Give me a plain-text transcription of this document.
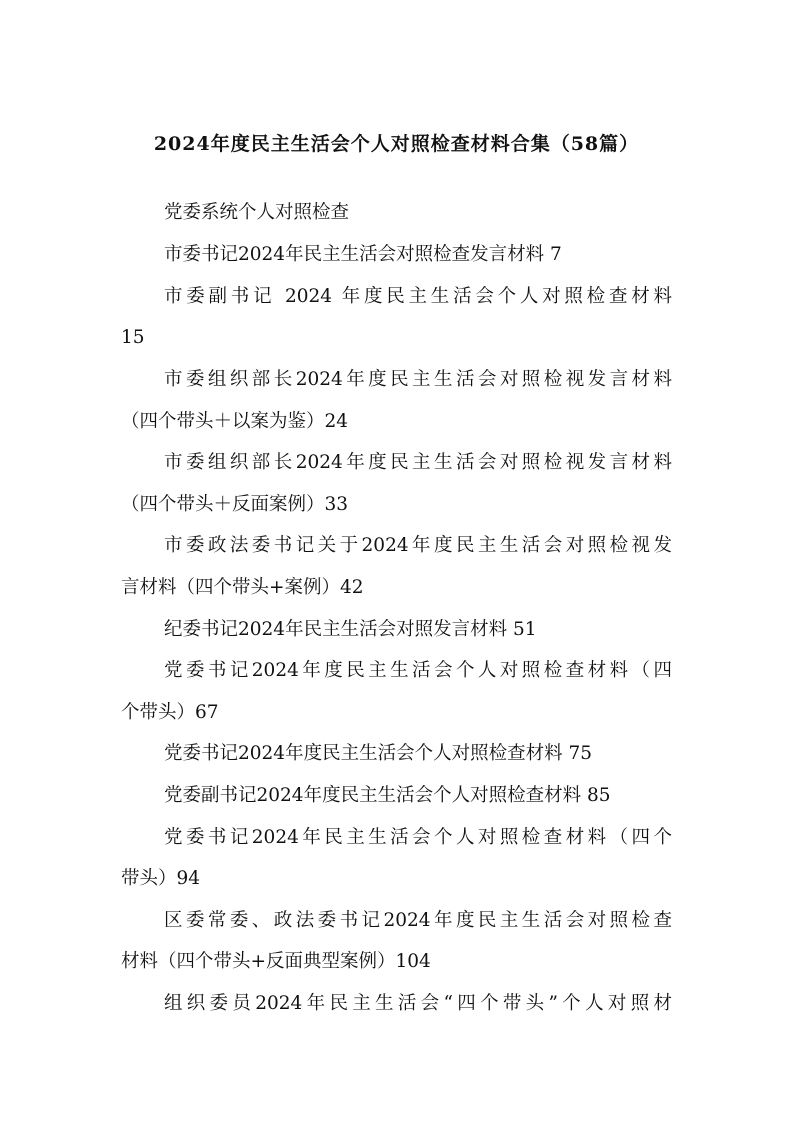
2024年度民主生活会个人对照检查材料合集（58篇）
党委系统个人对照检查
市委书记2024年民主生活会对照检查发言材料 7
市委副书记 2024 年度民主生活会个人对照检查材料
15
市委组织部长2024年度民主生活会对照检视发言材料
（四个带头＋以案为鉴）24
市委组织部长2024年度民主生活会对照检视发言材料
（四个带头＋反面案例）33
市委政法委书记关于2024年度民主生活会对照检视发
言材料（四个带头+案例）42
纪委书记2024年民主生活会对照发言材料 51
党委书记2024年度民主生活会个人对照检查材料（四
个带头）67
党委书记2024年度民主生活会个人对照检查材料 75
党委副书记2024年度民主生活会个人对照检查材料 85
党委书记2024年民主生活会个人对照检查材料（四个
带头）94
区委常委、政法委书记2024年度民主生活会对照检查
材料（四个带头+反面典型案例）104
组织委员2024年民主生活会“四个带头”个人对照材
